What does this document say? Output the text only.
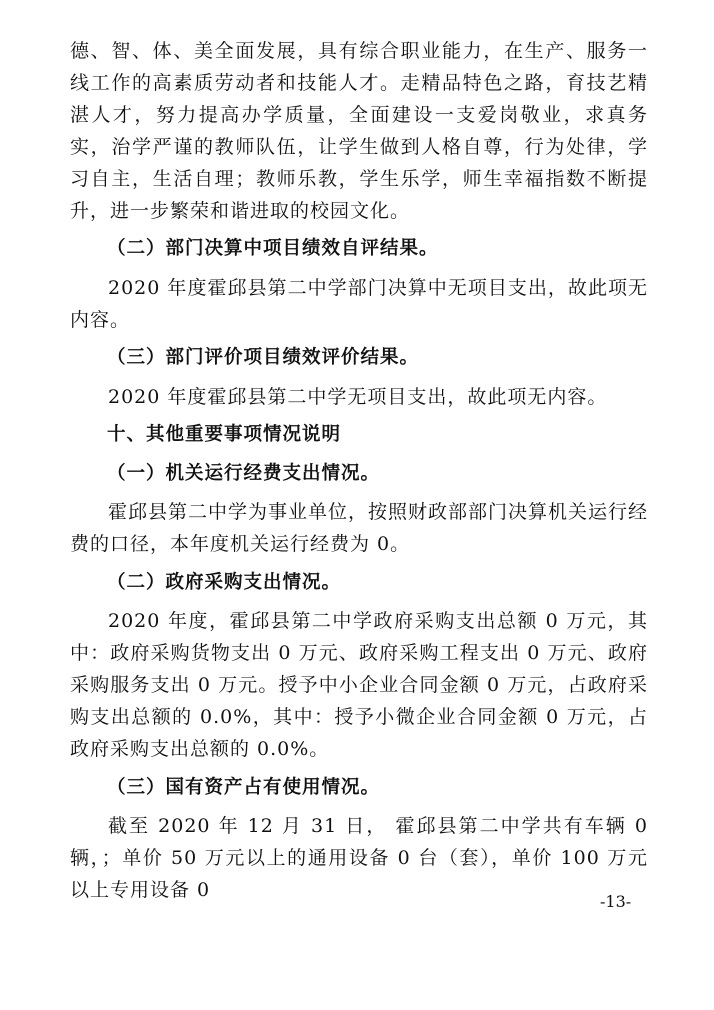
德、智、体、美全面发展，具有综合职业能力，在生产、服务一线工作的高素质劳动者和技能人才。走精品特色之路，育技艺精湛人才，努力提高办学质量，全面建设一支爱岗敬业，求真务实，治学严谨的教师队伍，让学生做到人格自尊，行为处律，学习自主，生活自理；教师乐教，学生乐学，师生幸福指数不断提升，进一步繁荣和谐进取的校园文化。

（二）部门决算中项目绩效自评结果。

2020 年度霍邱县第二中学部门决算中无项目支出，故此项无内容。

（三）部门评价项目绩效评价结果。

2020 年度霍邱县第二中学无项目支出，故此项无内容。

十、其他重要事项情况说明

（一）机关运行经费支出情况。

霍邱县第二中学为事业单位，按照财政部部门决算机关运行经费的口径，本年度机关运行经费为 0。

（二）政府采购支出情况。

2020 年度，霍邱县第二中学政府采购支出总额 0 万元，其中：政府采购货物支出 0 万元、政府采购工程支出 0 万元、政府采购服务支出 0 万元。授予中小企业合同金额 0 万元，占政府采购支出总额的 0.0%，其中：授予小微企业合同金额 0 万元，占政府采购支出总额的 0.0%。

（三）国有资产占有使用情况。

截至 2020 年 12 月 31 日， 霍邱县第二中学共有车辆 0 辆，；单价 50 万元以上的通用设备 0 台（套），单价 100 万元以上专用设备 0

-13-
